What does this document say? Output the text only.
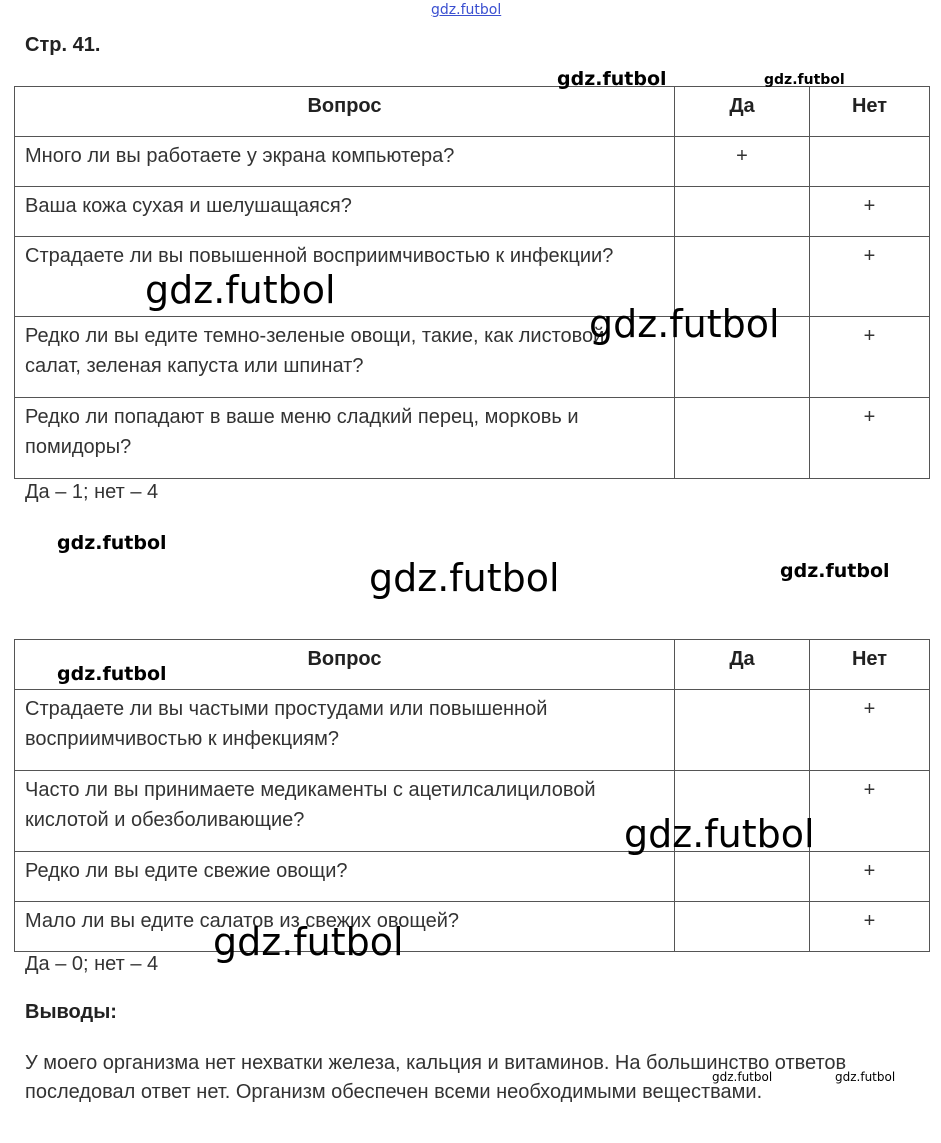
Стр. 41.
Вопрос	Да	Нет
Много ли вы работаете у экрана компьютера?	+	
Ваша кожа сухая и шелушащаяся?		+
Страдаете ли вы повышенной восприимчивостью к инфекции?		+
Редко ли вы едите темно-зеленые овощи, такие, как листовой салат, зеленая капуста или шпинат?		+
Редко ли попадают в ваше меню сладкий перец, морковь и помидоры?		+
Да – 1; нет – 4
Вопрос	Да	Нет
Страдаете ли вы частыми простудами или повышенной восприимчивостью к инфекциям?		+
Часто ли вы принимаете медикаменты с ацетилсалициловой кислотой и обезболивающие?		+
Редко ли вы едите свежие овощи?		+
Мало ли вы едите салатов из свежих овощей?		+
Да – 0; нет – 4
Выводы:
У моего организма нет нехватки железа, кальция и витаминов. На большинство ответов последовал ответ нет. Организм обеспечен всеми необходимыми веществами.
gdz.futbol
gdz.futbol	gdz.futbol
gdz.futbol
gdz.futbol
gdz.futbol
gdz.futbol	gdz.futbol
gdz.futbol
gdz.futbol
gdz.futbol
gdz.futbol	gdz.futbol
